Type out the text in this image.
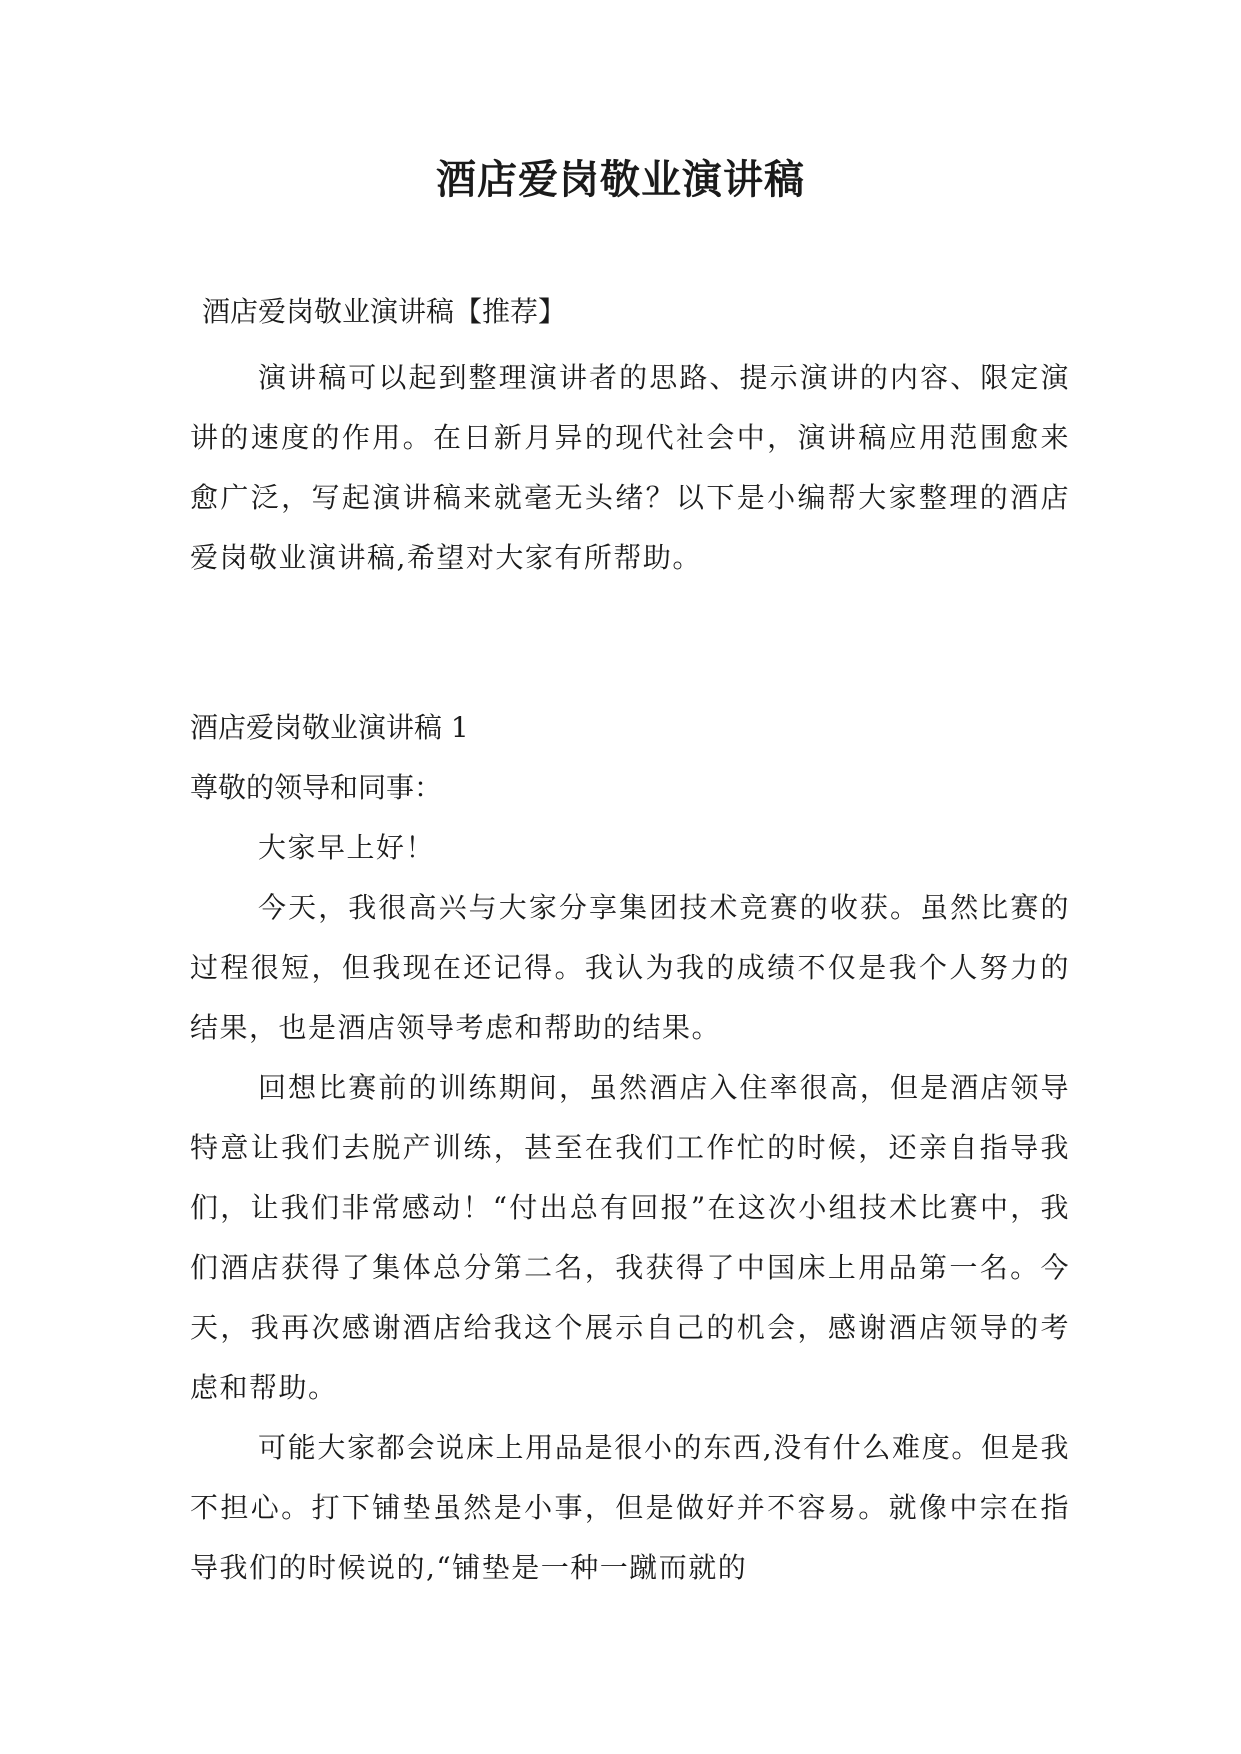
酒店爱岗敬业演讲稿
酒店爱岗敬业演讲稿【推荐】
演讲稿可以起到整理演讲者的思路、提示演讲的内容、限定演讲的速度的作用。在日新月异的现代社会中，演讲稿应用范围愈来愈广泛，写起演讲稿来就毫无头绪？以下是小编帮大家整理的酒店爱岗敬业演讲稿,希望对大家有所帮助。
酒店爱岗敬业演讲稿 1
尊敬的领导和同事：
大家早上好！
今天，我很高兴与大家分享集团技术竞赛的收获。虽然比赛的过程很短，但我现在还记得。我认为我的成绩不仅是我个人努力的结果，也是酒店领导考虑和帮助的结果。
回想比赛前的训练期间，虽然酒店入住率很高，但是酒店领导特意让我们去脱产训练，甚至在我们工作忙的时候，还亲自指导我们，让我们非常感动！“付出总有回报”在这次小组技术比赛中，我们酒店获得了集体总分第二名，我获得了中国床上用品第一名。今天，我再次感谢酒店给我这个展示自己的机会，感谢酒店领导的考虑和帮助。
可能大家都会说床上用品是很小的东西,没有什么难度。但是我不担心。打下铺垫虽然是小事，但是做好并不容易。就像中宗在指导我们的时候说的,“铺垫是一种一蹴而就的
